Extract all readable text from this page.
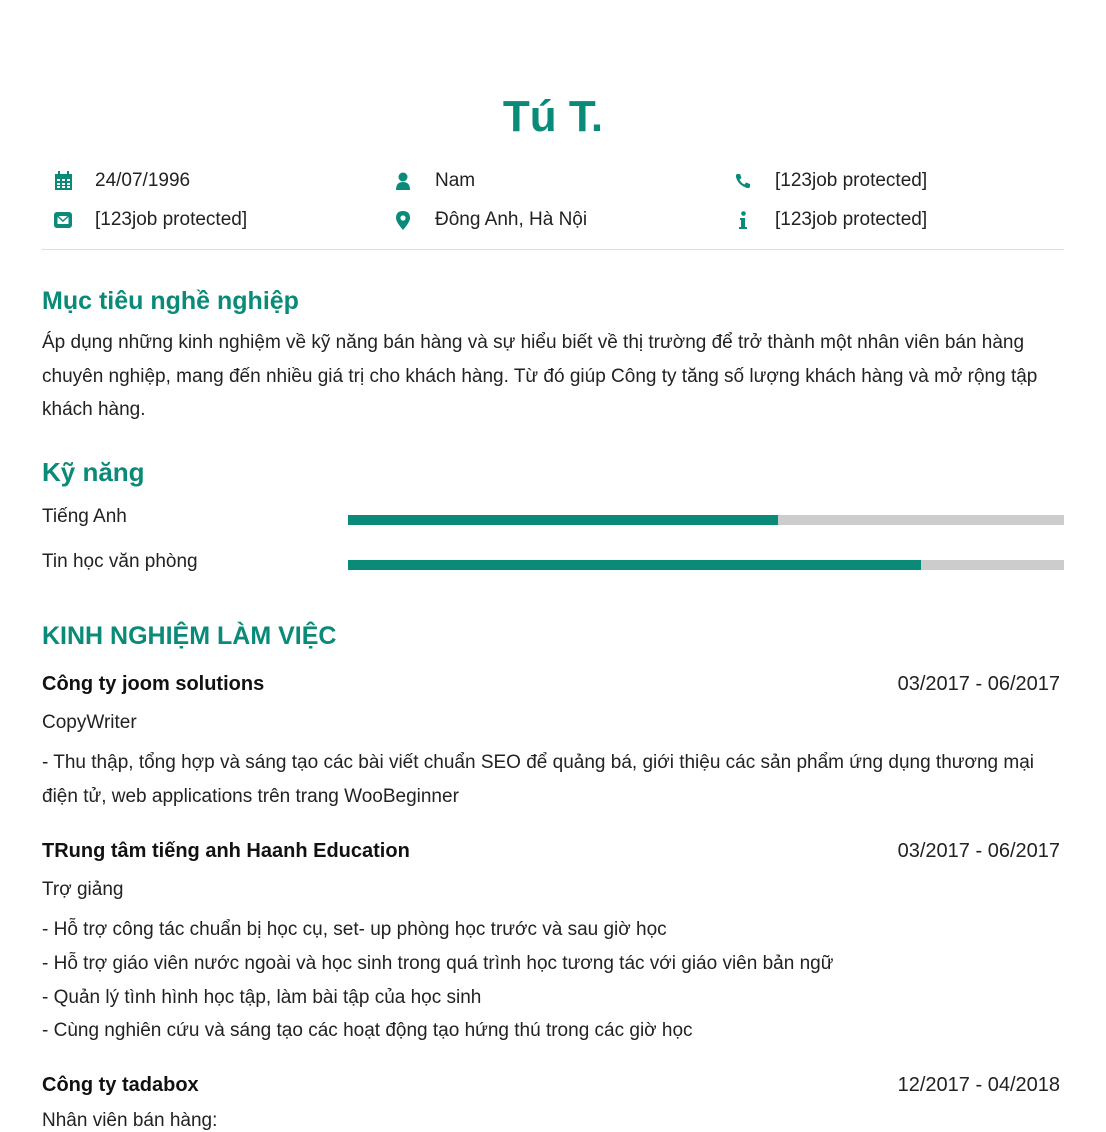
Tú T.
24/07/1996	Nam	[123job protected]
[123job protected]	Đông Anh, Hà Nội	[123job protected]
Mục tiêu nghề nghiệp
Áp dụng những kinh nghiệm về kỹ năng bán hàng và sự hiểu biết về thị trường để trở thành một nhân viên bán hàng chuyên nghiệp, mang đến nhiều giá trị cho khách hàng. Từ đó giúp Công ty tăng số lượng khách hàng và mở rộng tập khách hàng.
Kỹ năng
Tiếng Anh
Tin học văn phòng
KINH NGHIỆM LÀM VIỆC
Công ty joom solutions	03/2017 - 06/2017
CopyWriter
- Thu thập, tổng hợp và sáng tạo các bài viết chuẩn SEO để quảng bá, giới thiệu các sản phẩm ứng dụng thương mại điện tử, web applications trên trang WooBeginner
TRung tâm tiếng anh Haanh Education	03/2017 - 06/2017
Trợ giảng
- Hỗ trợ công tác chuẩn bị học cụ, set- up phòng học trước và sau giờ học
- Hỗ trợ giáo viên nước ngoài và học sinh trong quá trình học tương tác với giáo viên bản ngữ
- Quản lý tình hình học tập, làm bài tập của học sinh
- Cùng nghiên cứu và sáng tạo các hoạt động tạo hứng thú trong các giờ học
Công ty tadabox	12/2017 - 04/2018
Nhân viên bán hàng:
